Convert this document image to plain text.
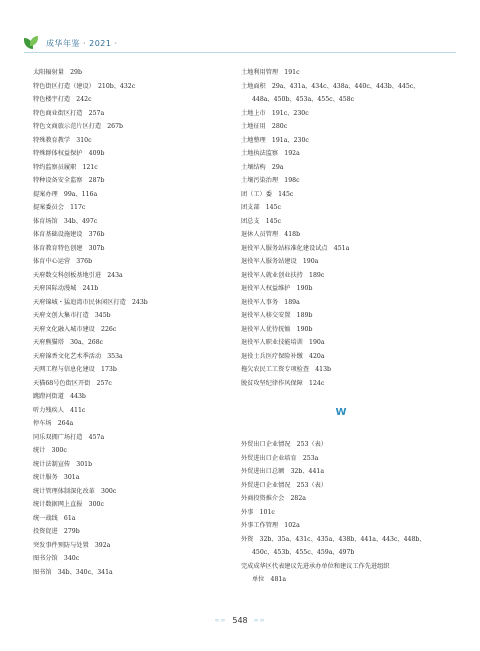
成华年鉴 · 2021 ·
太阳辐射量　29b
特色街区打造（建设）　210b、432c
特色楼宇打造　242c
特色商业街区打造　257a
特色文商旅示范片区打造　267b
特殊教育教学　310c
特殊群体权益保护　409b
特约监察员履职　121c
特种设备安全监察　287b
提案办理　99a、116a
提案委员会　117c
体育场馆　34b、497c
体育基础设施建设　376b
体育教育特色创建　307b
体育中心运营　376b
天府数交科创板基地引进　243a
天府国际动漫城　241b
天府锦城・猛追湾市民休闲区打造　243b
天府文创大集市打造　345b
天府文化融入城市建设　226c
天府熊猫塔　30a、268c
天府锦香文化艺术季活动　353a
天网工程与信息化建设　173b
天猫68号色街区开街　257c
跳蹬河街道　443b
听力残疾人　411c
停车场　264a
同乐双拥广场打造　457a
统计　300c
统计法制宣传　301b
统计服务　301a
统计管理体制深化改革　300c
统计数据网上直报　300c
统一战线　61a
投资促进　279b
突发事件预防与处置　392a
图书分馆　340c
图书馆　34b、340c、341a
土地利用管理　191c
土地面积　29a、431a、434c、438a、440c、443b、445c、
448a、450b、453a、455c、458c
土地上市　191c、230c
土地征用　280c
土地整理　191a、230c
土地执法监察　192a
土壤结构　29a
土壤污染治理　198c
团（工）委　145c
团支部　145c
团总支　145c
退休人员管理　418b
退役军人服务站标准化建设试点　451a
退役军人服务站建设　190a
退役军人就业创业扶持　189c
退役军人权益维护　190b
退役军人事务　189a
退役军人移交安置　189b
退役军人优待抚恤　190b
退役军人职业技能培训　190a
退役士兵医疗保险补缴　420a
拖欠农民工工资专项检查　413b
脱贫攻坚纪律作风保障　124c
W
外贸出口企业情况　253（表）
外贸进出口企业培育　253a
外贸进出口总额　32b、441a
外贸进口企业情况　253（表）
外商投资推介会　282a
外事　101c
外事工作管理　102a
外资　32b、35a、431c、435a、438b、441a、443c、448b、
450c、453b、455c、459a、497b
完成成华区代表建议先进承办单位和建议工作先进组织
单位　481a
∞∞ 548 ∞∞
